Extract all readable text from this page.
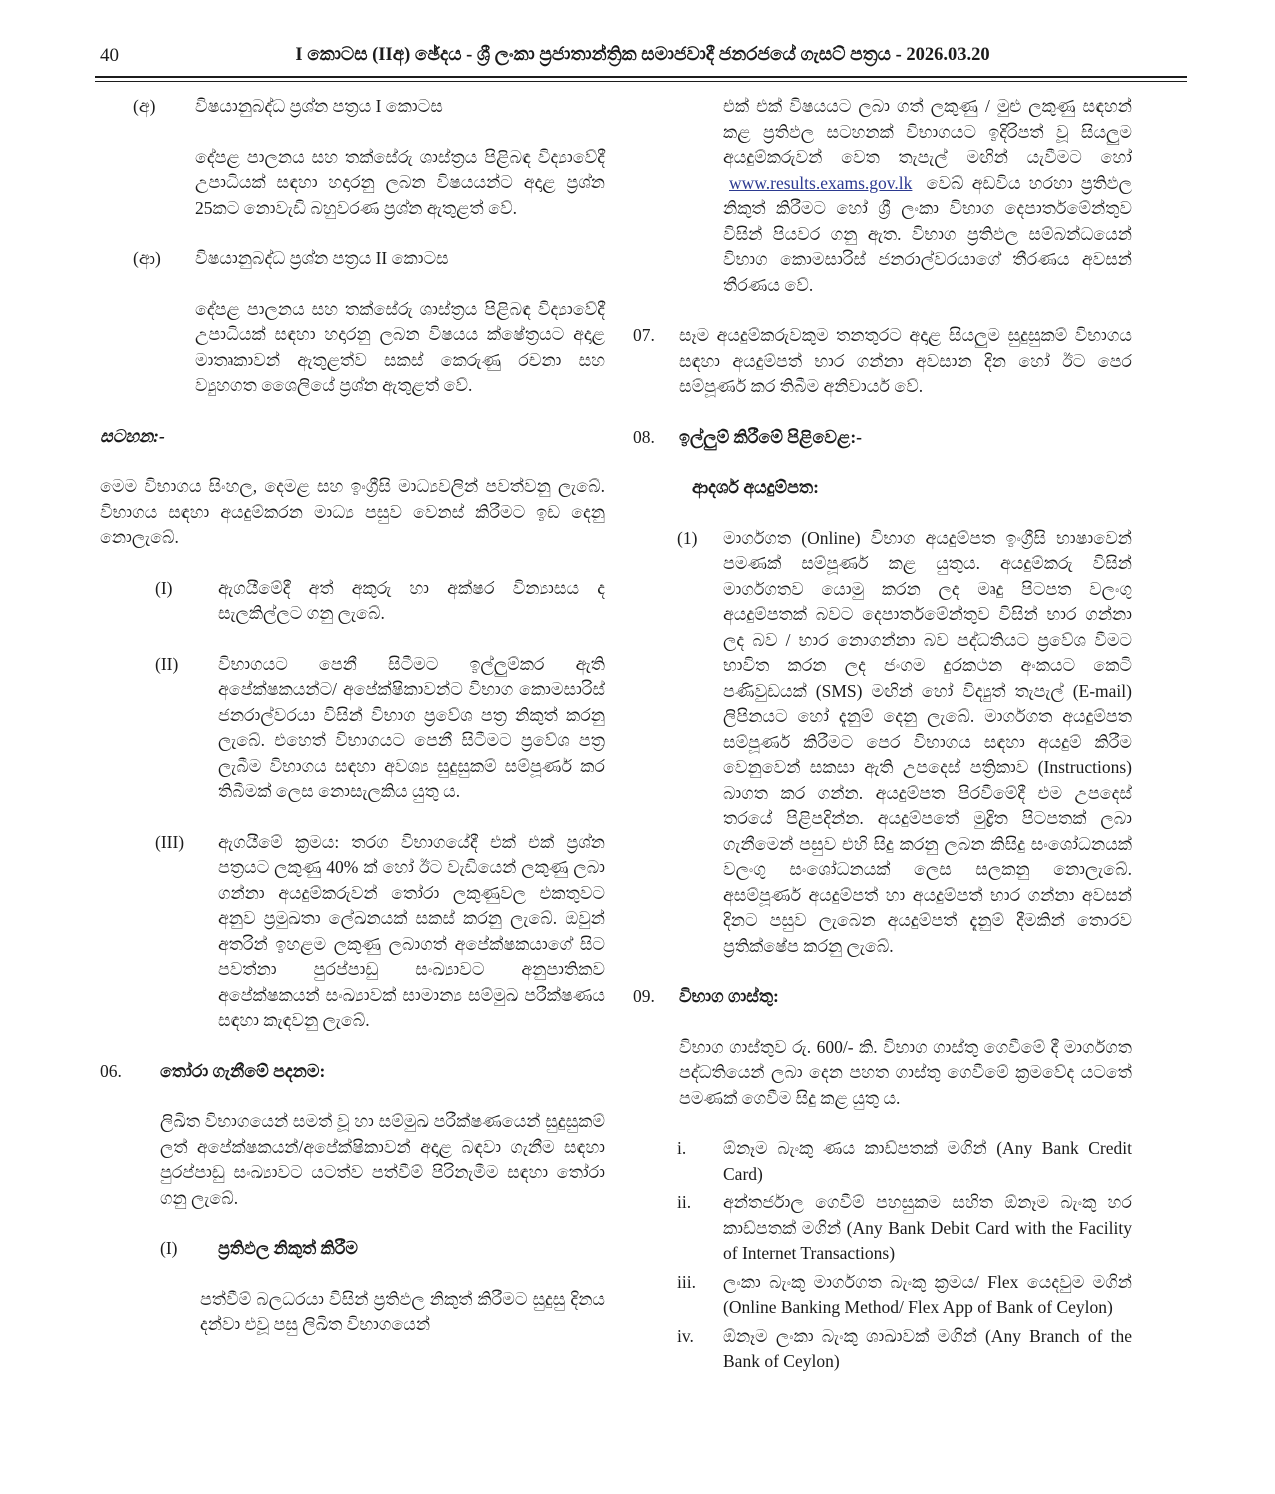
40	I කොටස (IIඅ) ඡේදය - ශ්‍රී ලංකා ප්‍රජාතාන්ත්‍රික සමාජවාදී ජනරජයේ ගැසට් පත්‍රය - 2026.03.20
(අ)	විෂයානුබද්ධ ප්‍රශ්න පත්‍රය I කොටස
දේපළ පාලනය සහ තක්සේරු ශාස්ත්‍රය පිළිබඳ විද්‍යාවේදී උපාධියක් සඳහා හදාරනු ලබන විෂයයන්ට අදාළ ප්‍රශ්න 25කට නොවැඩි බහුවරණ ප්‍රශ්න ඇතුළත් වේ.
(ආ)	විෂයානුබද්ධ ප්‍රශ්න පත්‍රය II කොටස
දේපළ පාලනය සහ තක්සේරු ශාස්ත්‍රය පිළිබඳ විද්‍යාවේදී උපාධියක් සඳහා හදාරනු ලබන විෂයය ක්ෂේත්‍රයට අදාළ මාතෘකාවන් ඇතුළත්ව සකස් කෙරුණු රචනා සහ ව්‍යුහගත ශෛලියේ ප්‍රශ්න ඇතුළත් වේ.
සටහන:-
මෙම විභාගය සිංහල, දෙමළ සහ ඉංග්‍රීසි මාධ්‍යවලින් පවත්වනු ලැබේ. විභාගය සඳහා අයදුම්කරන මාධ්‍ය පසුව වෙනස් කිරීමට ඉඩ දෙනු නොලැබේ.
(I)	ඇගයීමේදී අත් අකුරු හා අක්ෂර වින්‍යාසය ද සැලකිල්ලට ගනු ලැබේ.
(II)	විභාගයට පෙනී සිටීමට ඉල්ලුම්කර ඇති අපේක්ෂකයන්ට/ අපේක්ෂිකාවන්ට විභාග කොමසාරිස් ජනරාල්වරයා විසින් විභාග ප්‍රවේශ පත්‍ර නිකුත් කරනු ලැබේ. එහෙත් විභාගයට පෙනී සිටීමට ප්‍රවේශ පත්‍ර ලැබීම විභාගය සඳහා අවශ්‍ය සුදුසුකම් සම්පූර්ණ කර තිබීමක් ලෙස නොසැලකිය යුතු ය.
(III)	ඇගයීමේ ක්‍රමය: තරග විභාගයේදී එක් එක් ප්‍රශ්න පත්‍රයට ලකුණු 40% ක් හෝ ඊට වැඩියෙන් ලකුණු ලබා ගන්නා අයදුම්කරුවන් තෝරා ලකුණුවල එකතුවට අනුව ප්‍රමුඛතා ලේඛනයක් සකස් කරනු ලැබේ. ඔවුන් අතරින් ඉහළම ලකුණු ලබාගත් අපේක්ෂකයාගේ සිට පවත්නා පුරප්පාඩු සංඛ්‍යාවට අනුපාතිකව අපේක්ෂකයන් සංඛ්‍යාවක් සාමාන්‍ය සම්මුඛ පරීක්ෂණය සඳහා කැඳවනු ලැබේ.
06.	තෝරා ගැනීමේ පදනම:
ලිඛිත විභාගයෙන් සමත් වූ හා සම්මුඛ පරීක්ෂණයෙන් සුදුසුකම් ලත් අපේක්ෂකයන්/අපේක්ෂිකාවන් අදාළ බඳවා ගැනීම සඳහා පුරප්පාඩු සංඛ්‍යාවට යටත්ව පත්වීම් පිරිනැමීම සඳහා තෝරා ගනු ලැබේ.
(I)	ප්‍රතිඵල නිකුත් කිරීම
පත්වීම් බලධරයා විසින් ප්‍රතිඵල නිකුත් කිරීමට සුදුසු දිනය දන්වා එවූ පසු ලිඛිත විභාගයෙන්
එක් එක් විෂයයට ලබා ගත් ලකුණු / මුළු ලකුණු සඳහන් කළ ප්‍රතිඵල සටහනක් විභාගයට ඉදිරිපත් වූ සියලුම අයදුම්කරුවන් වෙත තැපැල් මඟින් යැවීමට හෝ www.results.exams.gov.lk වෙබ් අඩවිය හරහා ප්‍රතිඵල නිකුත් කිරීමට හෝ ශ්‍රී ලංකා විභාග දෙපාර්තමේන්තුව විසින් පියවර ගනු ඇත. විභාග ප්‍රතිඵල සම්බන්ධයෙන් විභාග කොමසාරිස් ජනරාල්වරයාගේ තීරණය අවසන් තීරණය වේ.
07.	සෑම අයදුම්කරුවකුම තනතුරට අදාළ සියලුම සුදුසුකම් විභාගය සඳහා අයදුම්පත් භාර ගන්නා අවසාන දින හෝ ඊට පෙර සම්පූර්ණ කර තිබීම අනිවාර්ය වේ.
08.	ඉල්ලුම් කිරීමේ පිළිවෙළ:-
ආදර්ශ අයදුම්පත:
(1)	මාර්ගගත (Online) විභාග අයදුම්පත ඉංග්‍රීසි භාෂාවෙන් පමණක් සම්පූර්ණ කළ යුතුය. අයදුම්කරු විසින් මාර්ගගතව යොමු කරන ලද මෘදු පිටපත වලංගු අයදුම්පතක් බවට දෙපාර්තමේන්තුව විසින් භාර ගන්නා ලද බව / භාර නොගන්නා බව පද්ධතියට ප්‍රවේශ වීමට භාවිත කරන ලද ජංගම දුරකථන අංකයට කෙටි පණිවුඩයක් (SMS) මඟින් හෝ විද්‍යුත් තැපැල් (E-mail) ලිපිනයට හෝ දැනුම් දෙනු ලැබේ. මාර්ගගත අයදුම්පත සම්පූර්ණ කිරීමට පෙර විභාගය සඳහා අයදුම් කිරීම වෙනුවෙන් සකසා ඇති උපදෙස් පත්‍රිකාව (Instructions) බාගත කර ගන්න. අයදුම්පත පිරවීමේදී එම උපදෙස් තරයේ පිළිපදින්න. අයදුම්පතේ මුද්‍රිත පිටපතක් ලබා ගැනීමෙන් පසුව එහි සිදු කරනු ලබන කිසිදු සංශෝධනයක් වලංගු සංශෝධනයක් ලෙස සලකනු නොලැබේ. අසම්පූර්ණ අයදුම්පත් හා අයදුම්පත් භාර ගන්නා අවසන් දිනට පසුව ලැබෙන අයදුම්පත් දැනුම් දීමකින් තොරව ප්‍රතික්ෂේප කරනු ලැබේ.
09.	විභාග ගාස්තු:
විභාග ගාස්තුව රු. 600/- කි. විභාග ගාස්තු ගෙවීමේ දී මාර්ගගත පද්ධතියෙන් ලබා දෙන පහත ගාස්තු ගෙවීමේ ක්‍රමවේද යටතේ පමණක් ගෙවීම සිදු කළ යුතු ය.
i.	ඕනෑම බැංකු ණය කාඩ්පතක් මගින් (Any Bank Credit Card)
ii.	අන්තර්ජාල ගෙවීම් පහසුකම සහිත ඕනෑම බැංකු හර කාඩ්පතක් මගින් (Any Bank Debit Card with the Facility of Internet Transactions)
iii.	ලංකා බැංකු මාර්ගගත බැංකු ක්‍රමය/ Flex යෙදවුම මගින් (Online Banking Method/ Flex App of Bank of Ceylon)
iv.	ඕනෑම ලංකා බැංකු ශාඛාවක් මගින් (Any Branch of the Bank of Ceylon)
